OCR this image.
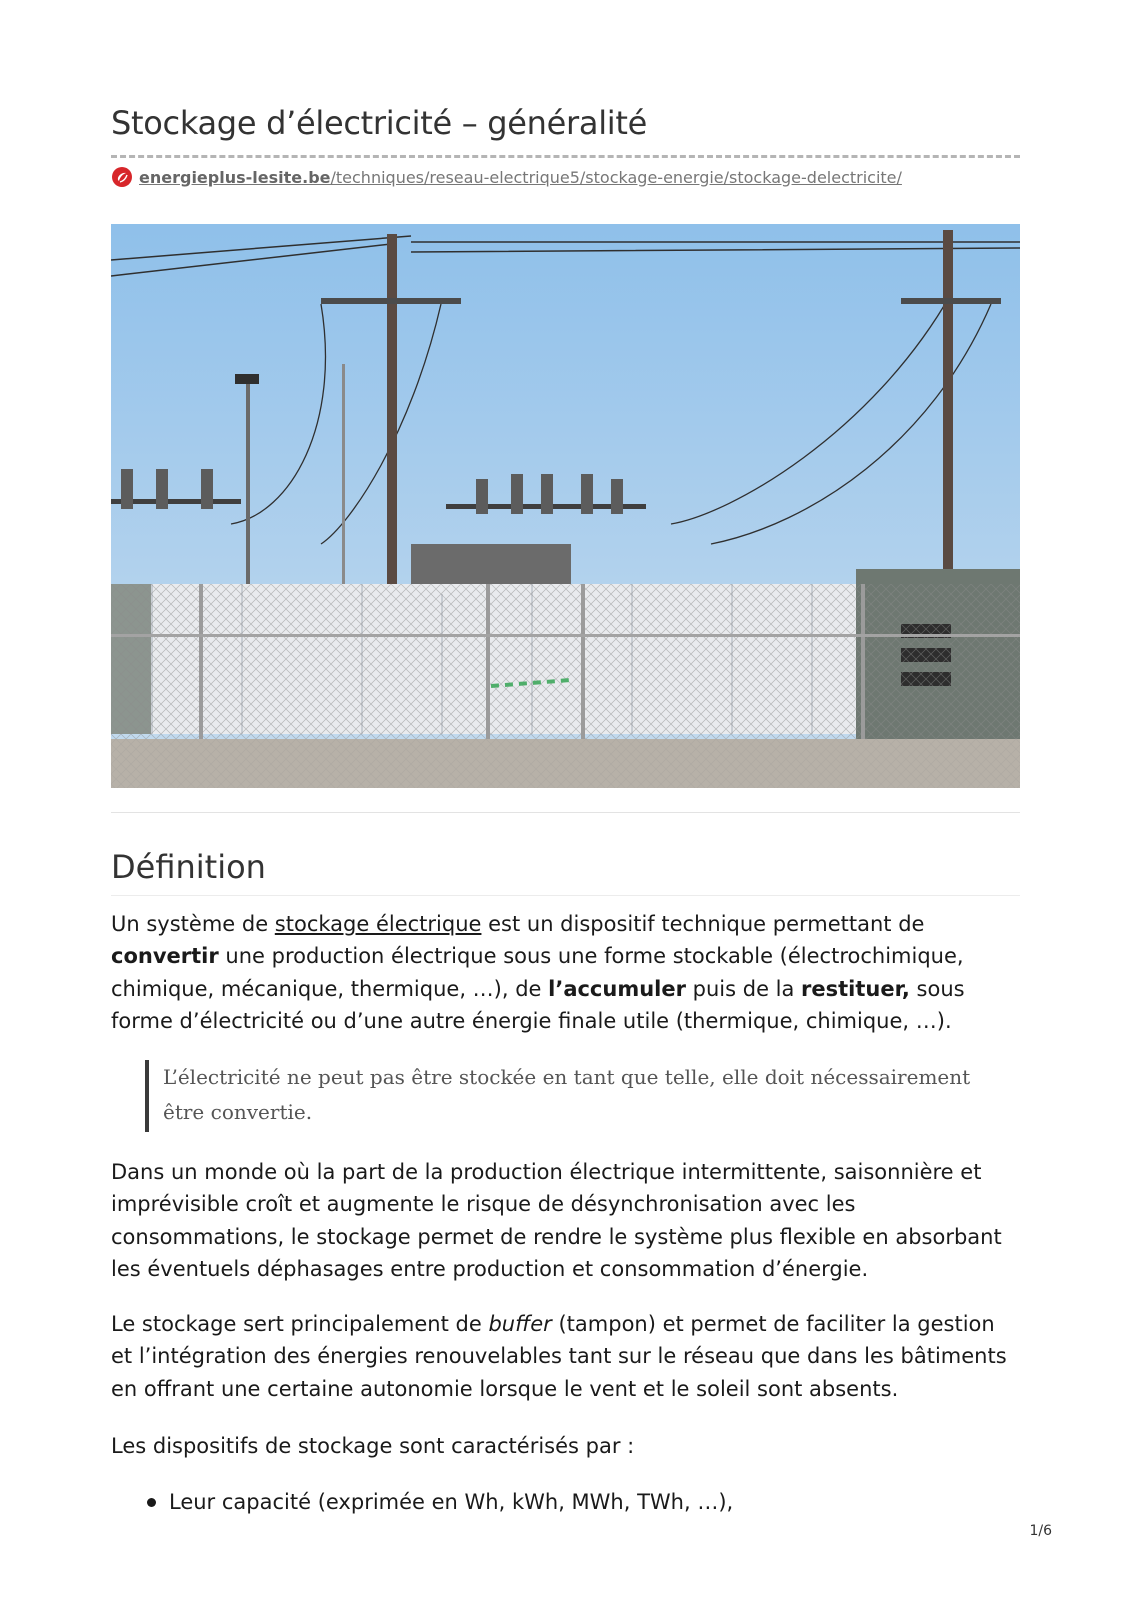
Stockage d’électricité – généralité
energieplus-lesite.be/techniques/reseau-electrique5/stockage-energie/stockage-delectricite/
Définition

Un système de stockage électrique est un dispositif technique permettant de convertir une production électrique sous une forme stockable (électrochimique, chimique, mécanique, thermique, …), de l’accumuler puis de la restituer, sous forme d’électricité ou d’une autre énergie finale utile (thermique, chimique, …).

L’électricité ne peut pas être stockée en tant que telle, elle doit nécessairement être convertie.

Dans un monde où la part de la production électrique intermittente, saisonnière et imprévisible croît et augmente le risque de désynchronisation avec les consommations, le stockage permet de rendre le système plus flexible en absorbant les éventuels déphasages entre production et consommation d’énergie.

Le stockage sert principalement de buffer (tampon) et permet de faciliter la gestion et l’intégration des énergies renouvelables tant sur le réseau que dans les bâtiments en offrant une certaine autonomie lorsque le vent et le soleil sont absents.

Les dispositifs de stockage sont caractérisés par :

Leur capacité (exprimée en Wh, kWh, MWh, TWh, …),
1/6
